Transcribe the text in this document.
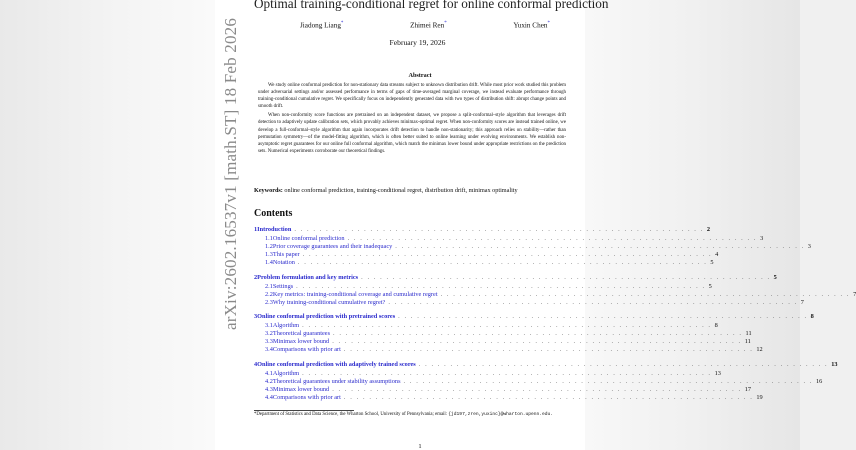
arXiv:2602.16537v1 [math.ST] 18 Feb 2026
Optimal training-conditional regret for online conformal prediction
Jiadong Liang*	Zhimei Ren*	Yuxin Chen*
February 19, 2026
Abstract

We study online conformal prediction for non-stationary data streams subject to unknown distribution drift. While most prior work studied this problem under adversarial settings and/or assessed performance in terms of gaps of time-averaged marginal coverage, we instead evaluate performance through training-conditional cumulative regret. We specifically focus on independently generated data with two types of distribution shift: abrupt change points and smooth drift.

When non-conformity score functions are pretrained on an independent dataset, we propose a split-conformal–style algorithm that leverages drift detection to adaptively update calibration sets, which provably achieves minimax-optimal regret. When non-conformity scores are instead trained online, we develop a full-conformal–style algorithm that again incorporates drift detection to handle non-stationarity; this approach relies on stability—rather than permutation symmetry—of the model-fitting algorithm, which is often better suited to online learning under evolving environments. We establish non-asymptotic regret guarantees for our online full conformal algorithm, which match the minimax lower bound under appropriate restrictions on the prediction sets. Numerical experiments corroborate our theoretical findings.

Keywords: online conformal prediction, training-conditional regret, distribution drift, minimax optimality
Contents
1 Introduction . . . . . . . . . . . . . . . . . . . . . . . . . . . . . . . . . . . . . . . . . . . . . . . . . . . . . . . . . . . . . . . . . 2
1.1 Online conformal prediction . . . . . . . . . . . . . . . . . . . . . . . . . . . . . . . . . . . . . . . . . . . . . . . . . . . . . . . . . . . . . . . . . 3
1.2 Prior coverage guarantees and their inadequacy . . . . . . . . . . . . . . . . . . . . . . . . . . . . . . . . . . . . . . . . . . . . . . . . . . . . . . . . . . . . . . . . . 3
1.3 This paper . . . . . . . . . . . . . . . . . . . . . . . . . . . . . . . . . . . . . . . . . . . . . . . . . . . . . . . . . . . . . . . . . 4
1.4 Notation . . . . . . . . . . . . . . . . . . . . . . . . . . . . . . . . . . . . . . . . . . . . . . . . . . . . . . . . . . . . . . . . . 5
2 Problem formulation and key metrics . . . . . . . . . . . . . . . . . . . . . . . . . . . . . . . . . . . . . . . . . . . . . . . . . . . . . . . . . . . . . . . . . 5
2.1 Settings . . . . . . . . . . . . . . . . . . . . . . . . . . . . . . . . . . . . . . . . . . . . . . . . . . . . . . . . . . . . . . . . . 5
2.2 Key metrics: training-conditional coverage and cumulative regret . . . . . . . . . . . . . . . . . . . . . . . . . . . . . . . . . . . . . . . . . . . . . . . . . . . . . . . . . . . . . . . . . 7
2.3 Why training-conditional cumulative regret? . . . . . . . . . . . . . . . . . . . . . . . . . . . . . . . . . . . . . . . . . . . . . . . . . . . . . . . . . . . . . . . . . 7
3 Online conformal prediction with pretrained scores . . . . . . . . . . . . . . . . . . . . . . . . . . . . . . . . . . . . . . . . . . . . . . . . . . . . . . . . . . . . . . . . . 8
3.1 Algorithm . . . . . . . . . . . . . . . . . . . . . . . . . . . . . . . . . . . . . . . . . . . . . . . . . . . . . . . . . . . . . . . . . 8
3.2 Theoretical guarantees . . . . . . . . . . . . . . . . . . . . . . . . . . . . . . . . . . . . . . . . . . . . . . . . . . . . . . . . . . . . . . . . . 11
3.3 Minimax lower bound . . . . . . . . . . . . . . . . . . . . . . . . . . . . . . . . . . . . . . . . . . . . . . . . . . . . . . . . . . . . . . . . . 11
3.4 Comparisons with prior art . . . . . . . . . . . . . . . . . . . . . . . . . . . . . . . . . . . . . . . . . . . . . . . . . . . . . . . . . . . . . . . . . 12
4 Online conformal prediction with adaptively trained scores . . . . . . . . . . . . . . . . . . . . . . . . . . . . . . . . . . . . . . . . . . . . . . . . . . . . . . . . . . . . . . . . . 13
4.1 Algorithm . . . . . . . . . . . . . . . . . . . . . . . . . . . . . . . . . . . . . . . . . . . . . . . . . . . . . . . . . . . . . . . . . 13
4.2 Theoretical guarantees under stability assumptions . . . . . . . . . . . . . . . . . . . . . . . . . . . . . . . . . . . . . . . . . . . . . . . . . . . . . . . . . . . . . . . . . 16
4.3 Minimax lower bound . . . . . . . . . . . . . . . . . . . . . . . . . . . . . . . . . . . . . . . . . . . . . . . . . . . . . . . . . . . . . . . . . 17
4.4 Comparisons with prior art . . . . . . . . . . . . . . . . . . . . . . . . . . . . . . . . . . . . . . . . . . . . . . . . . . . . . . . . . . . . . . . . . 19
*Department of Statistics and Data Science, the Wharton School, University of Pennsylvania; email: {jd197,zren,yuxinc}@wharton.upenn.edu.
1
